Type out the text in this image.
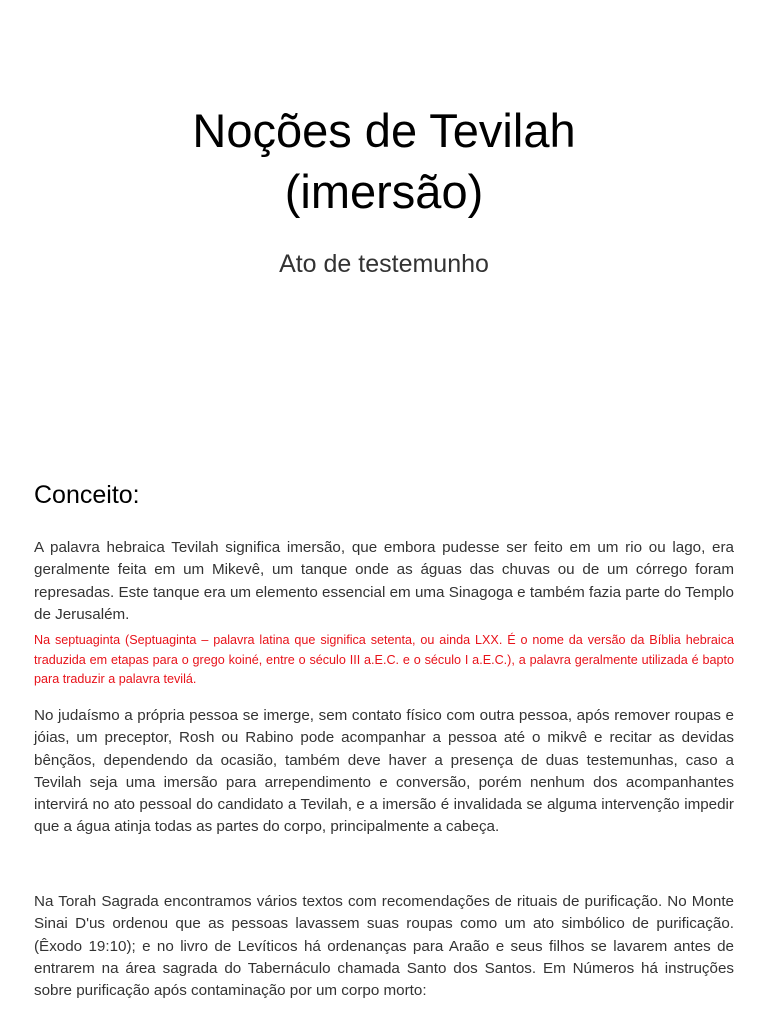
Noções de Tevilah
(imersão)

Ato de testemunho

Conceito:

A palavra hebraica Tevilah significa imersão, que embora pudesse ser feito em um rio ou lago, era geralmente feita em um Mikevê, um tanque onde as águas das chuvas ou de um córrego foram represadas. Este tanque era um elemento essencial em uma Sinagoga e também fazia parte do Templo de Jerusalém.

Na septuaginta (Septuaginta – palavra latina que significa setenta, ou ainda LXX. É o nome da versão da Bíblia hebraica traduzida em etapas para o grego koiné, entre o século III a.E.C. e o século I a.E.C.), a palavra geralmente utilizada é bapto para traduzir a palavra tevilá.

No judaísmo a própria pessoa se imerge, sem contato físico com outra pessoa, após remover roupas e jóias, um preceptor, Rosh ou Rabino pode acompanhar a pessoa até o mikvê e recitar as devidas bênçãos, dependendo da ocasião, também deve haver a presença de duas testemunhas, caso a Tevilah seja uma imersão para arrependimento e conversão, porém nenhum dos acompanhantes intervirá no ato pessoal do candidato a Tevilah, e a imersão é invalidada se alguma intervenção impedir que a água atinja todas as partes do corpo, principalmente a cabeça.

Na Torah Sagrada encontramos vários textos com recomendações de rituais de purificação. No Monte Sinai D'us ordenou que as pessoas lavassem suas roupas como um ato simbólico de purificação. (Êxodo 19:10); e no livro de Levíticos há ordenanças para Araão e seus filhos se lavarem antes de entrarem na área sagrada do Tabernáculo chamada Santo dos Santos. Em Números há instruções sobre purificação após contaminação por um corpo morto:
